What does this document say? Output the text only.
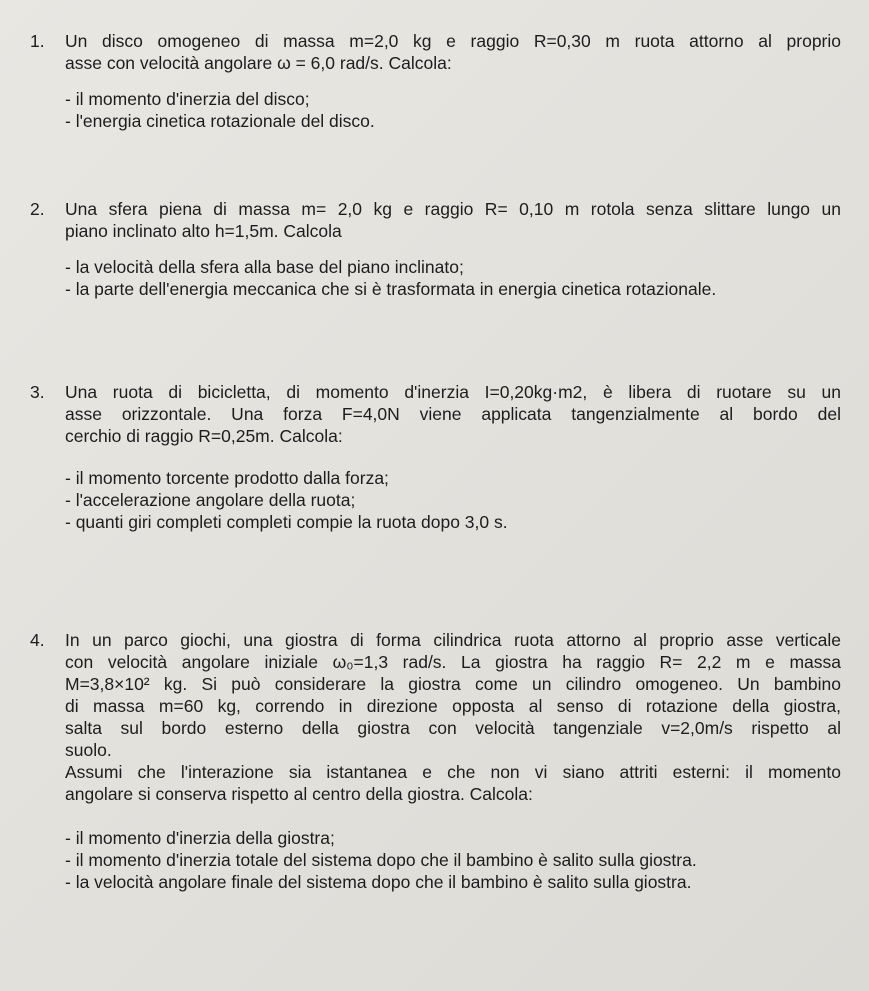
1.	Un disco omogeneo di massa m=2,0 kg e raggio R=0,30 m ruota attorno al proprio
asse con velocità angolare ω = 6,0 rad/s. Calcola:
- il momento d'inerzia del disco;
- l'energia cinetica rotazionale del disco.
2.	Una sfera piena di massa m= 2,0 kg e raggio R= 0,10 m rotola senza slittare lungo un
piano inclinato alto h=1,5m. Calcola
- la velocità della sfera alla base del piano inclinato;
- la parte dell'energia meccanica che si è trasformata in energia cinetica rotazionale.
3.	Una ruota di bicicletta, di momento d'inerzia I=0,20kg·m2, è libera di ruotare su un
asse orizzontale. Una forza F=4,0N viene applicata tangenzialmente al bordo del
cerchio di raggio R=0,25m. Calcola:
- il momento torcente prodotto dalla forza;
- l'accelerazione angolare della ruota;
- quanti giri completi completi compie la ruota dopo 3,0 s.
4.	In un parco giochi, una giostra di forma cilindrica ruota attorno al proprio asse verticale
con velocità angolare iniziale ω₀=1,3 rad/s. La giostra ha raggio R= 2,2 m e massa
M=3,8×10² kg. Si può considerare la giostra come un cilindro omogeneo. Un bambino
di massa m=60 kg, correndo in direzione opposta al senso di rotazione della giostra,
salta sul bordo esterno della giostra con velocità tangenziale v=2,0m/s rispetto al
suolo.
Assumi che l'interazione sia istantanea e che non vi siano attriti esterni: il momento
angolare si conserva rispetto al centro della giostra. Calcola:
- il momento d'inerzia della giostra;
- il momento d'inerzia totale del sistema dopo che il bambino è salito sulla giostra.
- la velocità angolare finale del sistema dopo che il bambino è salito sulla giostra.
